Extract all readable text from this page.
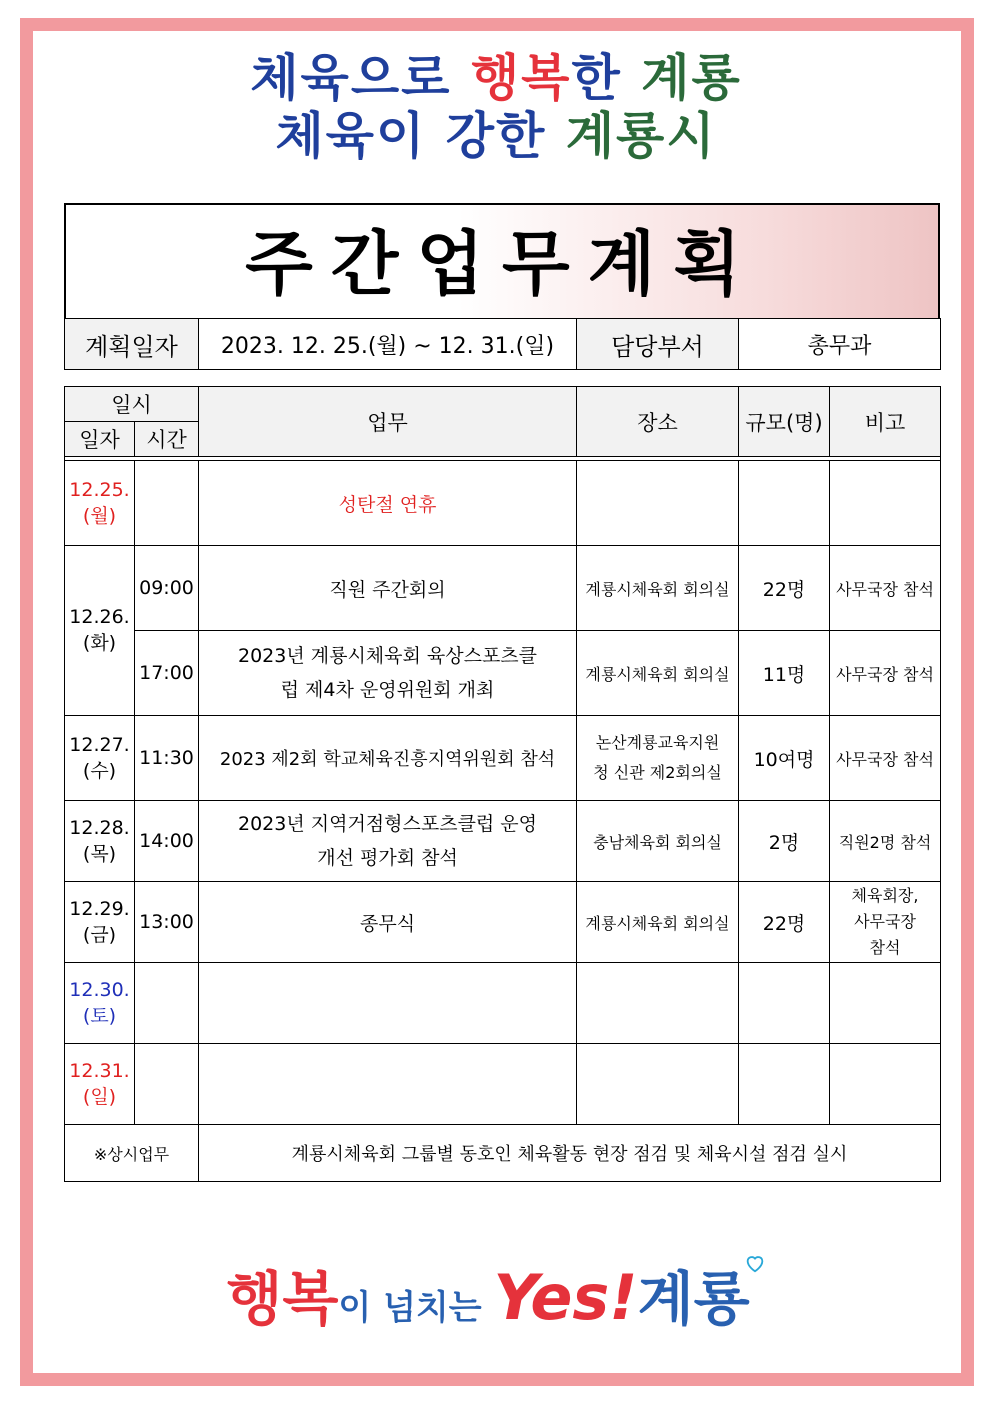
체육으로 행복한 계룡
체육이 강한 계룡시
주간업무계획
계획일자	2023. 12. 25.(월) ~ 12. 31.(일)	담당부서	총무과
일시		업무	장소	규모(명)	비고
일자	시간				

12.25.
(월)		성탄절 연휴			

12.26.
(화)	09:00	직원 주간회의	계룡시체육회 회의실	22명	사무국장 참석
	17:00	2023년 계룡시체육회 육상스포츠클럽 제4차 운영위원회 개최	계룡시체육회 회의실	11명	사무국장 참석

12.27.
(수)	11:30	2023 제2회 학교체육진흥지역위원회 참석	논산계룡교육지원청 신관 제2회의실	10여명	사무국장 참석

12.28.
(목)	14:00	2023년 지역거점형스포츠클럽 운영개선 평가회 참석	충남체육회 회의실	2명	직원2명 참석

12.29.
(금)	13:00	종무식	계룡시체육회 회의실	22명	체육회장, 사무국장 참석

12.30.
(토)					

12.31.
(일)					

※상시업무		계룡시체육회 그룹별 동호인 체육활동 현장 점검 및 체육시설 점검 실시			
행복이 넘치는 Yes!계룡
